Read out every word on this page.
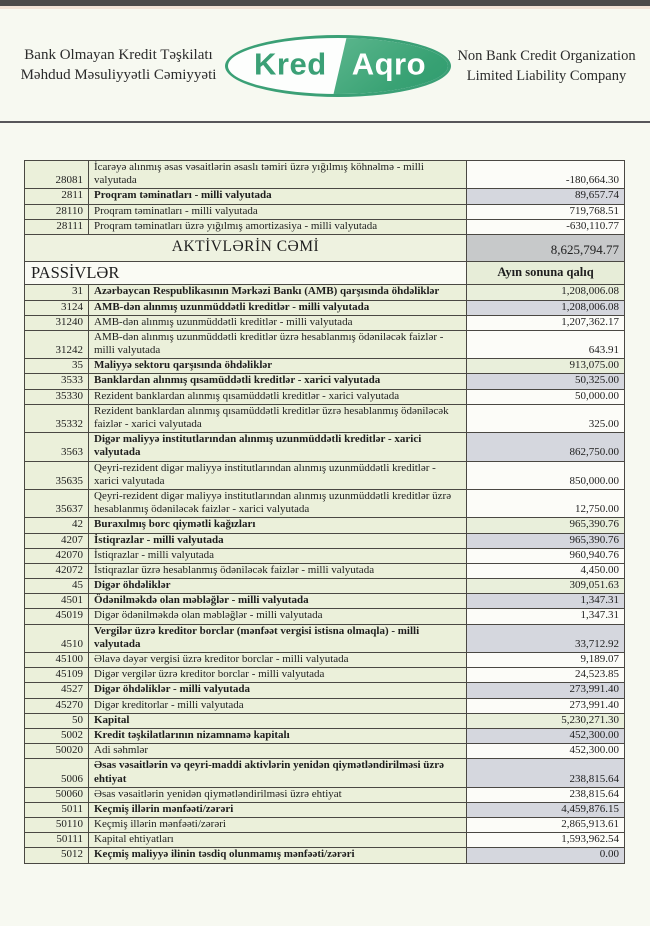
Bank Olmayan Kredit Təşkilatı
Məhdud Məsuliyyətli Cəmiyyəti Kred Aqro	Non Bank Credit Organization
Limited Liability Company
28081	İcarəyə alınmış əsas vəsaitlərin əsaslı təmiri üzrə yığılmış köhnəlmə - milli valyutada	-180,664.30
2811	Proqram təminatları - milli valyutada	89,657.74
28110	Proqram təminatları - milli valyutada	719,768.51
28111	Proqram təminatları üzrə yığılmış amortizasiya - milli valyutada	-630,110.77
AKTİVLƏRİN CƏMİ		8,625,794.77
PASSİVLƏR		Ayın sonuna qalıq
31	Azərbaycan Respublikasının Mərkəzi Bankı (AMB) qarşısında öhdəliklər	1,208,006.08
3124	AMB-dən alınmış uzunmüddətli kreditlər - milli valyutada	1,208,006.08
31240	AMB-dən alınmış uzunmüddətli kreditlər - milli valyutada	1,207,362.17
31242	AMB-dən alınmış uzunmüddətli kreditlər üzrə hesablanmış ödəniləcək faizlər - milli valyutada	643.91
35	Maliyyə sektoru qarşısında öhdəliklər	913,075.00
3533	Banklardan alınmış qısamüddətli kreditlər - xarici valyutada	50,325.00
35330	Rezident banklardan alınmış qısamüddətli kreditlər - xarici valyutada	50,000.00
35332	Rezident banklardan alınmış qısamüddətli kreditlər üzrə hesablanmış ödəniləcək faizlər - xarici valyutada	325.00
3563	Digər maliyyə institutlarından alınmış uzunmüddətli kreditlər - xarici valyutada	862,750.00
35635	Qeyri-rezident digər maliyyə institutlarından alınmış uzunmüddətli kreditlər - xarici valyutada	850,000.00
35637	Qeyri-rezident digər maliyyə institutlarından alınmış uzunmüddətli kreditlər üzrə hesablanmış ödəniləcək faizlər - xarici valyutada	12,750.00
42	Buraxılmış borc qiymətli kağızları	965,390.76
4207	İstiqrazlar - milli valyutada	965,390.76
42070	İstiqrazlar - milli valyutada	960,940.76
42072	İstiqrazlar üzrə hesablanmış ödəniləcək faizlər - milli valyutada	4,450.00
45	Digər öhdəliklər	309,051.63
4501	Ödənilməkdə olan məbləğlər - milli valyutada	1,347.31
45019	Digər ödənilməkdə olan məbləğlər - milli valyutada	1,347.31
4510	Vergilər üzrə kreditor borclar (mənfəət vergisi istisna olmaqla) - milli valyutada	33,712.92
45100	Əlavə dəyər vergisi üzrə kreditor borclar - milli valyutada	9,189.07
45109	Digər vergilər üzrə kreditor borclar - milli valyutada	24,523.85
4527	Digər öhdəliklər - milli valyutada	273,991.40
45270	Digər kreditorlar - milli valyutada	273,991.40
50	Kapital	5,230,271.30
5002	Kredit təşkilatlarının nizamnamə kapitalı	452,300.00
50020	Adi səhmlər	452,300.00
5006	Əsas vəsaitlərin və qeyri-maddi aktivlərin yenidən qiymətləndirilməsi üzrə ehtiyat	238,815.64
50060	Əsas vəsaitlərin yenidən qiymətləndirilməsi üzrə ehtiyat	238,815.64
5011	Keçmiş illərin mənfəəti/zərəri	4,459,876.15
50110	Keçmiş illərin mənfəəti/zərəri	2,865,913.61
50111	Kapital ehtiyatları	1,593,962.54
5012	Keçmiş maliyyə ilinin təsdiq olunmamış mənfəəti/zərəri	0.00
